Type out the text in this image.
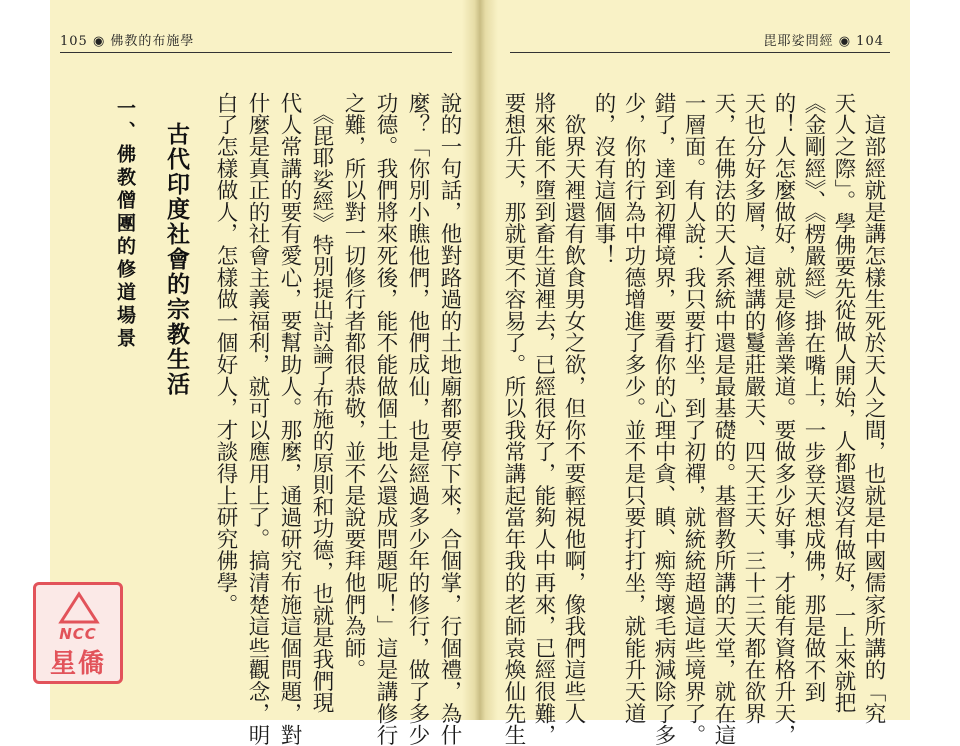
105 ◉ 佛教的布施學
說的一句話，他對路過的土地廟都要停下來，合個掌，行個禮，為什
麼？「你別小瞧他們，他們成仙，也是經過多少年的修行，做了多少
功德。我們將來死後，能不能做個土地公還成問題呢！」這是講修行
之難，所以對一切修行者都很恭敬，並不是說要拜他們為師。
　《毘耶娑經》特別提出討論了布施的原則和功德，也就是我們現
代人常講的要有愛心，要幫助人。那麼，通過研究布施這個問題，對
什麼是真正的社會主義福利，就可以應用上了。搞清楚這些觀念，明
白了怎樣做人，怎樣做一個好人，才談得上研究佛學。
古代印度社會的宗教生活
一、佛教僧團的修道場景
毘耶娑問經 ◉ 104
　這部經就是講怎樣生死於天人之間，也就是中國儒家所講的「究
天人之際」。學佛要先從做人開始，人都還沒有做好，一上來就把
《金剛經》、《楞嚴經》掛在嘴上，一步登天想成佛，那是做不到
的！人怎麼做好，就是修善業道。要做多少好事，才能有資格升天，
天也分好多層，這裡講的鬘莊嚴天、四天王天、三十三天都在欲界
天，在佛法的天人系統中還是最基礎的。基督教所講的天堂，就在這
一層面。有人說：我只要打坐，到了初禪，就統統超過這些境界了。
錯了，達到初禪境界，要看你的心理中貪、瞋、痴等壞毛病減除了多
少，你的行為中功德增進了多少。並不是只要打打坐，就能升天道
的，沒有這個事！
　欲界天裡還有飲食男女之欲，但你不要輕視他啊，像我們這些人
將來能不墮到畜生道裡去，已經很好了，能夠人中再來，已經很難，
要想升天，那就更不容易了。所以我常講起當年我的老師袁煥仙先生
NCC
星僑
